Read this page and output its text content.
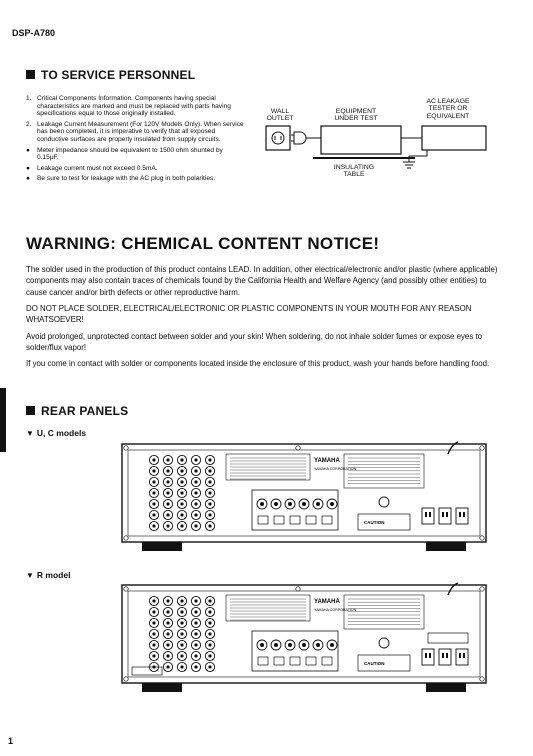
DSP-A780
TO SERVICE PERSONNEL
1. Critical Components Information. Components having special characteristics are marked and must be replaced with parts having specifications equal to those originally installed.
2. Leakage Current Measurement (For 120V Models Only). When service has been completed, it is imperative to verify that all exposed conductive surfaces are properly insulated from supply circuits.
● Meter impedance should be equivalent to 1500 ohm shunted by 0.15μF.
● Leakage current must not exceed 0.5mA.
● Be sure to test for leakage with the AC plug in both polarities.
WALL
OUTLET
EQUIPMENT
UNDER TEST
AC LEAKAGE
TESTER OR
EQUIVALENT
INSULATING
TABLE
WARNING: CHEMICAL CONTENT NOTICE!

The solder used in the production of this product contains LEAD. In addition, other electrical/electronic and/or plastic (where applicable) components may also contain traces of chemicals found by the California Health and Welfare Agency (and possibly other entities) to cause cancer and/or birth defects or other reproductive harm.

DO NOT PLACE SOLDER, ELECTRICAL/ELECTRONIC OR PLASTIC COMPONENTS IN YOUR MOUTH FOR ANY REASON WHATSOEVER!

Avoid prolonged, unprotected contact between solder and your skin! When soldering, do not inhale solder fumes or expose eyes to solder/flux vapor!

If you come in contact with solder or components located inside the enclosure of this product, wash your hands before handling food.

REAR PANELS
▼ U, C models
▼ R model
YAMAHA
YAMAHA CORPORATION
CAUTION
YAMAHA
YAMAHA CORPORATION
CAUTION
1
